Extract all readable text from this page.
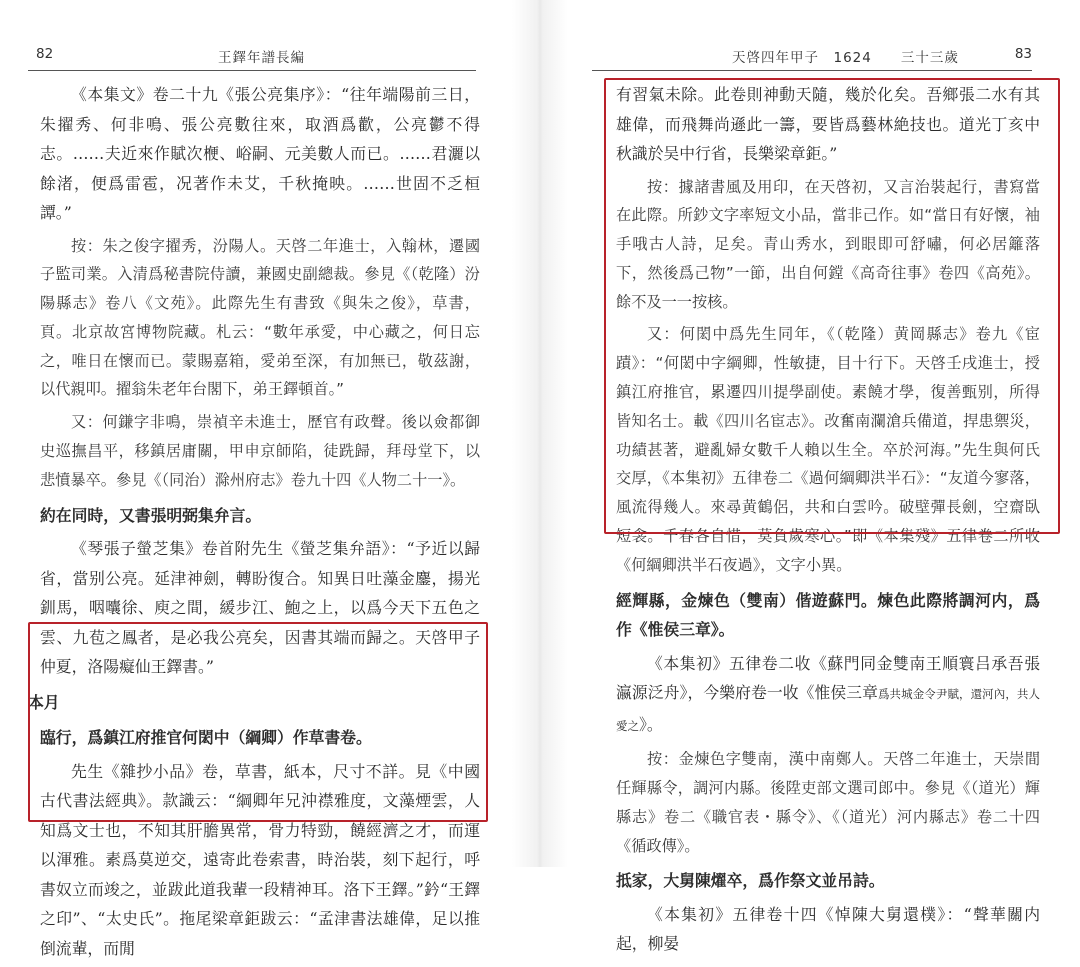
82	王鐸年譜長編

《本集文》卷二十九《張公亮集序》：“往年端陽前三日，朱擢秀、何非鳴、張公亮數往來，取酒爲歡，公亮鬱不得志。……夫近來作賦次楩、峪嗣、元美數人而已。……君灑以餘渚，便爲雷雹，况著作未艾，千秋掩映。……世固不乏桓譚。”

按：朱之俊字擢秀，汾陽人。天啓二年進士，入翰林，遷國子監司業。入清爲秘書院侍讀，兼國史副總裁。參見《（乾隆）汾陽縣志》卷八《文苑》。此際先生有書致《與朱之俊》，草書，頁。北京故宮博物院藏。札云：“數年承愛，中心藏之，何日忘之，唯日在懷而已。蒙賜嘉箱，愛弟至深，有加無已，敬茲謝，以代親叩。擢翁朱老年台閣下，弟王鐸頓首。”

又：何鎌字非鳴，崇禎辛未進士，歷官有政聲。後以僉都御史巡撫昌平，移鎮居庸關，甲申京師陷，徒跣歸，拜母堂下，以悲憤暴卒。參見《（同治）滁州府志》卷九十四《人物二十一》。

約在同時，又書張明弼集弁言。

《琴張子螢芝集》卷首附先生《螢芝集弁語》：“予近以歸省，當别公亮。延津神劍，轉盼復合。知異日吐藻金鏖，揚光釧馬，咽囔徐、庾之間，緩步江、鮑之上，以爲今天下五色之雲、九苞之鳳者，是必我公亮矣，因書其端而歸之。天啓甲子仲夏，洛陽癡仙王鐸書。”

本月

臨行，爲鎮江府推官何閎中（綱卿）作草書卷。

先生《雜抄小品》卷，草書，紙本，尺寸不詳。見《中國古代書法經典》。款識云：“綱卿年兄沖襟雅度，文藻煙雲，人知爲文士也，不知其肝膽異常，骨力特勁，饒經濟之才，而運以渾雅。素爲莫逆交，遠寄此卷索書，時治裝，刻下起行，呼書奴立而竣之，並跋此道我輩一段精神耳。洛下王鐸。”鈐“王鐸之印”、“太史氏”。拖尾梁章鉅跋云：“孟津書法雄偉，足以推倒流輩，而閒

天啓四年甲子　1624　　三十三歲	83

有習氣未除。此卷則神動天隨，幾於化矣。吾鄉張二水有其雄偉，而飛舞尚遜此一籌，要皆爲藝林絶技也。道光丁亥中秋識於吴中行省，長樂梁章鉅。”

按：據諸書風及用印，在天啓初，又言治裝起行，書寫當在此際。所鈔文字率短文小品，當非己作。如“當日有好懷，袖手哦古人詩，足矣。青山秀水，到眼即可舒嘯，何必居籬落下，然後爲己物”一節，出自何鏜《高奇往事》卷四《高苑》。餘不及一一按核。

又：何閎中爲先生同年，《（乾隆）黄岡縣志》卷九《宦蹟》：“何閎中字綱卿，性敏捷，目十行下。天啓壬戌進士，授鎮江府推官，累遷四川提學副使。素饒才學，復善甄别，所得皆知名士。載《四川名宦志》。改奮南瀾滄兵備道，捍患禦災，功績甚著，避亂婦女數千人賴以生全。卒於河海。”先生與何氏交厚，《本集初》五律卷二《過何綱卿洪半石》：“友道今寥落，風流得幾人。來尋黄鶴侶，共和白雲吟。破壁彈長劍，空齋臥短衾。千春各自惜，莫負歲寒心。”即《本集殘》五律卷二所收《何綱卿洪半石夜過》，文字小異。

經輝縣，金煉色（雙南）偕遊蘇門。煉色此際將調河内，爲作《惟侯三章》。

《本集初》五律卷二收《蘇門同金雙南王順寰吕承吾張瀛源泛舟》，今樂府卷一收《惟侯三章爲共城金令尹賦，還河內，共人愛之》。

按：金煉色字雙南，漢中南鄭人。天啓二年進士，天崇間任輝縣令，調河内縣。後陞吏部文選司郎中。參見《（道光）輝縣志》卷二《職官表・縣令》、《（道光）河内縣志》卷二十四《循政傳》。

抵家，大舅陳燿卒，爲作祭文並吊詩。

《本集初》五律卷十四《悼陳大舅還樸》：“聲華關内起，柳晏
